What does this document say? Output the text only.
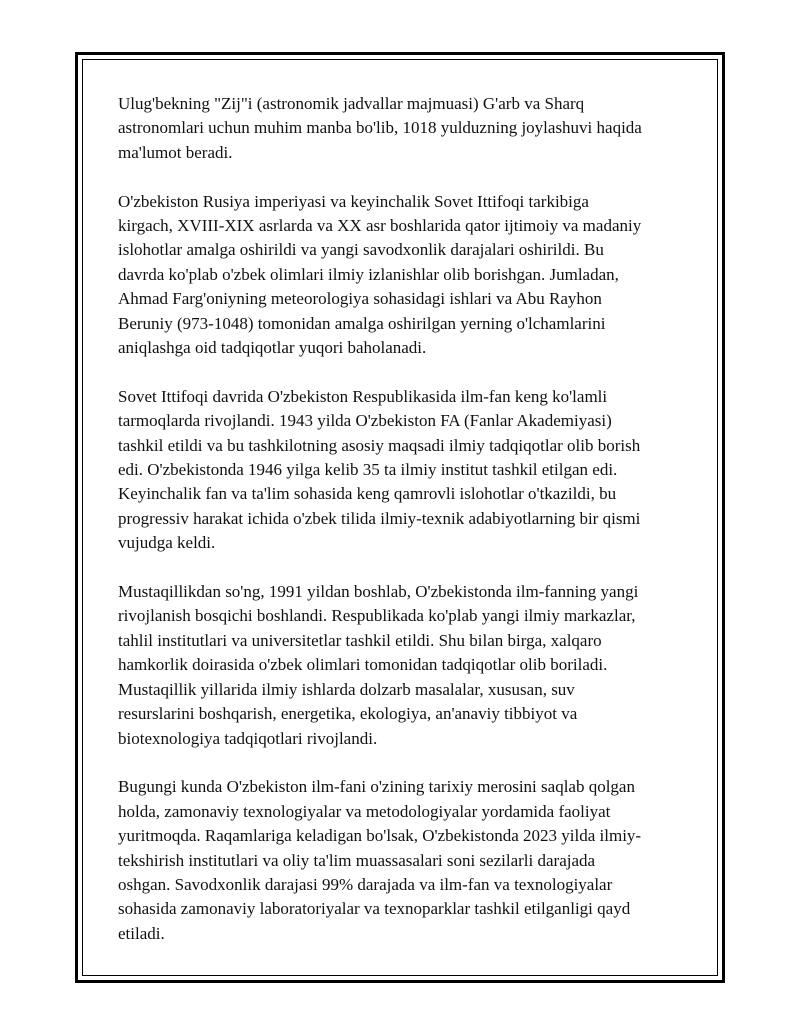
Ulug'bekning "Zij"i (astronomik jadvallar majmuasi) G'arb va Sharq
astronomlari uchun muhim manba bo'lib, 1018 yulduzning joylashuvi haqida
ma'lumot beradi.

O'zbekiston Rusiya imperiyasi va keyinchalik Sovet Ittifoqi tarkibiga
kirgach, XVIII-XIX asrlarda va XX asr boshlarida qator ijtimoiy va madaniy
islohotlar amalga oshirildi va yangi savodxonlik darajalari oshirildi. Bu
davrda ko'plab o'zbek olimlari ilmiy izlanishlar olib borishgan. Jumladan,
Ahmad Farg'oniyning meteorologiya sohasidagi ishlari va Abu Rayhon
Beruniy (973-1048) tomonidan amalga oshirilgan yerning o'lchamlarini
aniqlashga oid tadqiqotlar yuqori baholanadi.

Sovet Ittifoqi davrida O'zbekiston Respublikasida ilm-fan keng ko'lamli
tarmoqlarda rivojlandi. 1943 yilda O'zbekiston FA (Fanlar Akademiyasi)
tashkil etildi va bu tashkilotning asosiy maqsadi ilmiy tadqiqotlar olib borish
edi. O'zbekistonda 1946 yilga kelib 35 ta ilmiy institut tashkil etilgan edi.
Keyinchalik fan va ta'lim sohasida keng qamrovli islohotlar o'tkazildi, bu
progressiv harakat ichida o'zbek tilida ilmiy-texnik adabiyotlarning bir qismi
vujudga keldi.

Mustaqillikdan so'ng, 1991 yildan boshlab, O'zbekistonda ilm-fanning yangi
rivojlanish bosqichi boshlandi. Respublikada ko'plab yangi ilmiy markazlar,
tahlil institutlari va universitetlar tashkil etildi. Shu bilan birga, xalqaro
hamkorlik doirasida o'zbek olimlari tomonidan tadqiqotlar olib boriladi.
Mustaqillik yillarida ilmiy ishlarda dolzarb masalalar, xususan, suv
resurslarini boshqarish, energetika, ekologiya, an'anaviy tibbiyot va
biotexnologiya tadqiqotlari rivojlandi.

Bugungi kunda O'zbekiston ilm-fani o'zining tarixiy merosini saqlab qolgan
holda, zamonaviy texnologiyalar va metodologiyalar yordamida faoliyat
yuritmoqda. Raqamlariga keladigan bo'lsak, O'zbekistonda 2023 yilda ilmiy-
tekshirish institutlari va oliy ta'lim muassasalari soni sezilarli darajada
oshgan. Savodxonlik darajasi 99% darajada va ilm-fan va texnologiyalar
sohasida zamonaviy laboratoriyalar va texnoparklar tashkil etilganligi qayd
etiladi.
